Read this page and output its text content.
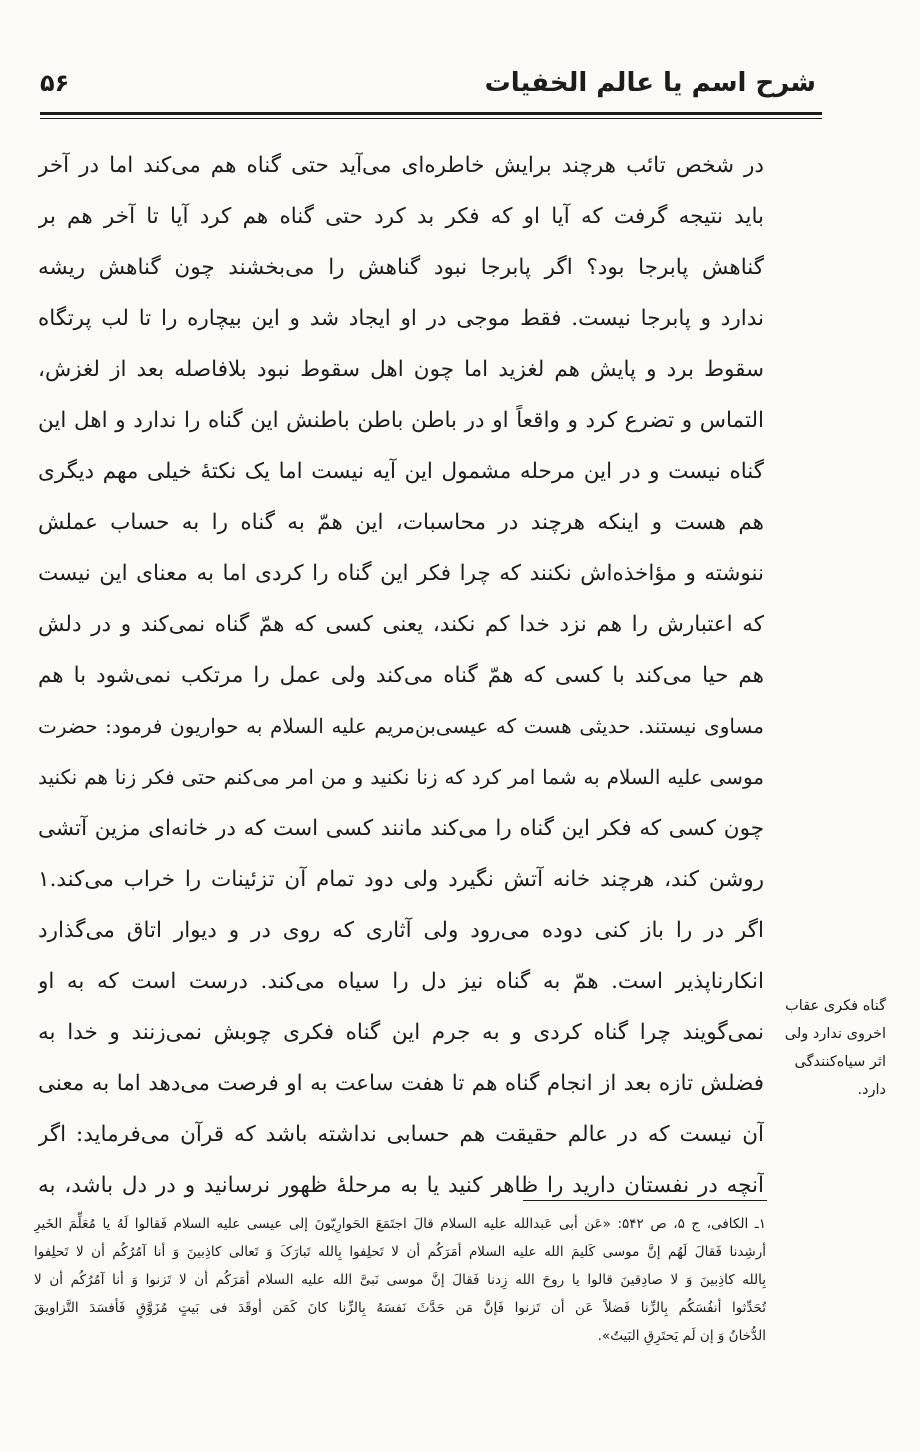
شرح اسم یا عالم الخفیات
۵۶
در شخص تائب هرچند برایش خاطره‌ای می‌آید حتی گناه هم می‌کند اما در آخر
باید نتیجه گرفت که آیا او که فکر بد کرد حتی گناه هم کرد آیا تا آخر هم بر
گناهش پابرجا بود؟ اگر پابرجا نبود گناهش را می‌بخشند چون گناهش ریشه
ندارد و پابرجا نیست. فقط موجی در او ایجاد شد و این بیچاره را تا لب پرتگاه
سقوط برد و پایش هم لغزید اما چون اهل سقوط نبود بلافاصله بعد از لغزش،
التماس و تضرع کرد و واقعاً او در باطن باطن باطنش این گناه را ندارد و اهل این
گناه نیست و در این مرحله مشمول این آیه نیست اما یک نکتهٔ خیلی مهم دیگری
هم هست و اینکه هرچند در محاسبات، این همّ به گناه را به حساب عملش
ننوشته و مؤاخذه‌اش نکنند که چرا فکر این گناه را کردی اما به معنای این نیست
که اعتبارش را هم نزد خدا کم نکند، یعنی کسی که همّ گناه نمی‌کند و در دلش
هم حیا می‌کند با کسی که همّ گناه می‌کند ولی عمل را مرتکب نمی‌شود با هم
مساوی نیستند. حدیثی هست که عیسی‌بن‌مریم علیه السلام به حواریون فرمود: حضرت
موسی علیه السلام به شما امر کرد که زنا نکنید و من امر می‌کنم حتی فکر زنا هم نکنید
چون کسی که فکر این گناه را می‌کند مانند کسی است که در خانه‌ای مزین آتشی
روشن کند، هرچند خانه آتش نگیرد ولی دود تمام آن تزئینات را خراب می‌کند.۱
اگر در را باز کنی دوده می‌رود ولی آثاری که روی در و دیوار اتاق می‌گذارد
انکارناپذیر است. همّ به گناه نیز دل را سیاه می‌کند. درست است که به او
نمی‌گویند چرا گناه کردی و به جرم این گناه فکری چوبش نمی‌زنند و خدا به
فضلش تازه بعد از انجام گناه هم تا هفت ساعت به او فرصت می‌دهد اما به معنی
آن نیست که در عالم حقیقت هم حسابی نداشته باشد که قرآن می‌فرماید: اگر
آنچه در نفستان دارید را ظاهر کنید یا به مرحلهٔ ظهور نرسانید و در دل باشد، به
گناه فکری عقاب
اخروی ندارد ولی
اثر سیاه‌کنندگی
دارد.
۱ـ الکافی، ج ۵، ص ۵۴۲: «عَن أبی عَبدالله علیه السلام قالَ اجتَمَعَ الحَوارِیّونَ إلی عیسی علیه السلام فَقالوا لَهُ یا مُعَلِّمَ الخَیرِ
أرشِدنا فَقالَ لَهُم إنَّ موسی کَلیمَ الله علیه السلام أمَرَکُم أن لا تَحلِفوا بِالله تَبارَکَ وَ تَعالی کاذِبینَ وَ أنا آمُرُکُم أن لا تَحلِفوا
بِالله کاذِبینَ وَ لا صادِقینَ قالوا یا روحَ الله زِدنا فَقالَ إنَّ موسی نَبیَّ الله علیه السلام أمَرَکُم أن لا تَزنوا وَ أنا آمُرُکُم أن لا
تُحَدِّثوا أنفُسَکُم بِالزِّنا فَضلاً عَن أن تَزنوا فَإنَّ مَن حَدَّثَ نَفسَهُ بِالزِّنا کانَ کَمَن أوقَدَ فی بَیتٍ مُزَوَّقٍ فَأفسَدَ التَّزاویقَ
الدُّخانُ وَ إن لَم یَحتَرِقِ البَیتُ».
